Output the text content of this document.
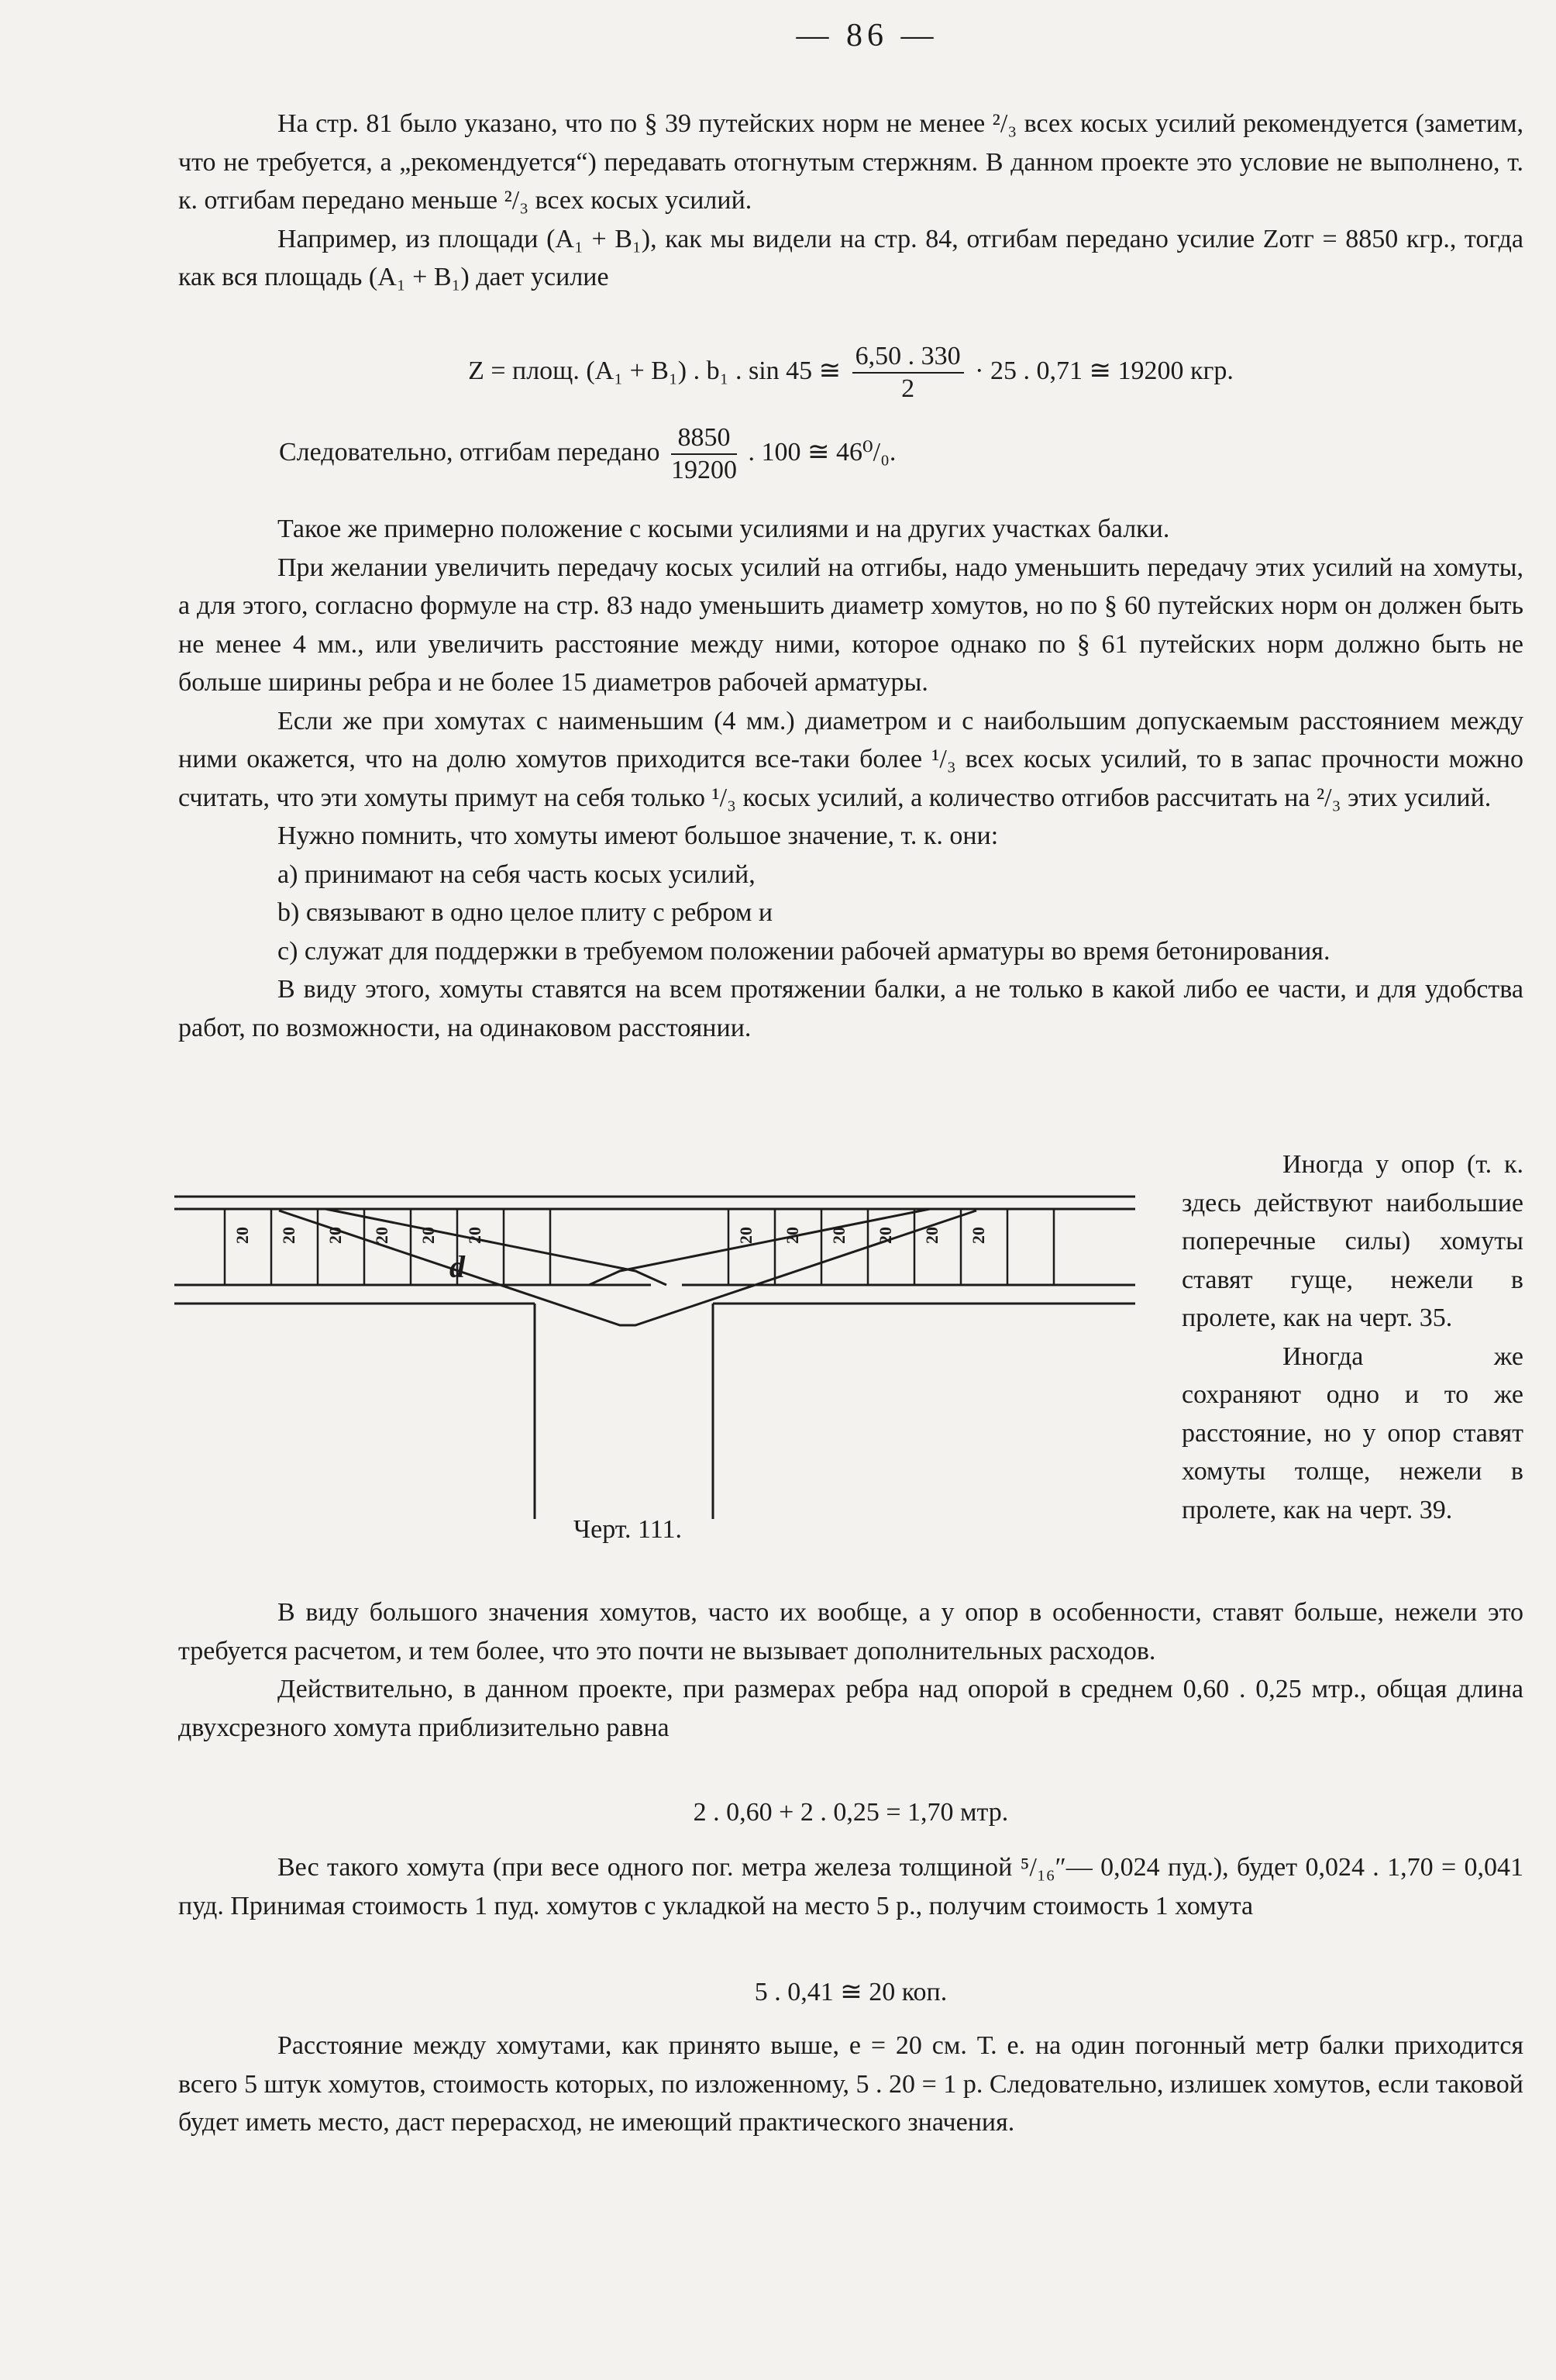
— 86 —

На стр. 81 было указано, что по § 39 путейских норм не менее ²/₃ всех косых усилий рекомендуется (заметим, что не требуется, а „рекомендуется“) передавать отогнутым стержням. В данном проекте это условие не выполнено, т. к. отгибам передано меньше ²/₃ всех косых усилий.

Например, из площади (A₁ + B₁), как мы видели на стр. 84, отгибам передано усилие Zотг = 8850 кгр., тогда как вся площадь (A₁ + B₁) дает усилие

Z = площ. (A₁ + B₁) . b₁ . sin 45 ≅ $\frac{6,50 . 330}{2} \cdot 25$ . 0,71 ≅ 19200 кгр.
Следовательно, отгибам передано $\frac{8850}{19200}$ . 100 ≅ 46⁰/₀.

Такое же примерно положение с косыми усилиями и на других участках балки.

При желании увеличить передачу косых усилий на отгибы, надо уменьшить передачу этих усилий на хомуты, а для этого, согласно формуле на стр. 83 надо уменьшить диаметр хомутов, но по § 60 путейских норм он должен быть не менее 4 мм., или увеличить расстояние между ними, которое однако по § 61 путейских норм должно быть не больше ширины ребра и не более 15 диаметров рабочей арматуры.

Если же при хомутах с наименьшим (4 мм.) диаметром и с наибольшим допускаемым расстоянием между ними окажется, что на долю хомутов приходится все-таки более ¹/₃ всех косых усилий, то в запас прочности можно считать, что эти хомуты примут на себя только ¹/₃ косых усилий, а количество отгибов рассчитать на ²/₃ этих усилий.

Нужно помнить, что хомуты имеют большое значение, т. к. они:

a) принимают на себя часть косых усилий,

b) связывают в одно целое плиту с ребром и

c) служат для поддержки в требуемом положении рабочей арматуры во время бетонирования.

В виду этого, хомуты ставятся на всем протяжении балки, а не только в какой либо ее части, и для удобства работ, по возможности, на одинаковом расстоянии.

Иногда у опор (т. к. здесь действуют наибольшие поперечные силы) хомуты ставят гуще, нежели в пролете, как на черт. 35.

Иногда же сохраняют одно и то же расстояние, но у опор ставят хомуты толще, нежели в пролете, как на черт. 39.

20 20 20 20 20 20	20 20 20 20 20 20
d
Черт. 111.

В виду большого значения хомутов, часто их вообще, а у опор в особенности, ставят больше, нежели это требуется расчетом, и тем более, что это почти не вызывает дополнительных расходов.

Действительно, в данном проекте, при размерах ребра над опорой в среднем 0,60 . 0,25 мтр., общая длина двухсрезного хомута приблизительно равна

2 . 0,60 + 2 . 0,25 = 1,70 мтр.

Вес такого хомута (при весе одного пог. метра железа толщиной ⁵/₁₆″— 0,024 пуд.), будет 0,024 . 1,70 = 0,041 пуд. Принимая стоимость 1 пуд. хомутов с укладкой на место 5 р., получим стоимость 1 хомута

5 . 0,41 ≅ 20 коп.

Расстояние между хомутами, как принято выше, e = 20 см. Т. е. на один погонный метр балки приходится всего 5 штук хомутов, стоимость которых, по изложенному, 5 . 20 = 1 р. Следовательно, излишек хомутов, если таковой будет иметь место, даст перерасход, не имеющий практического значения.
